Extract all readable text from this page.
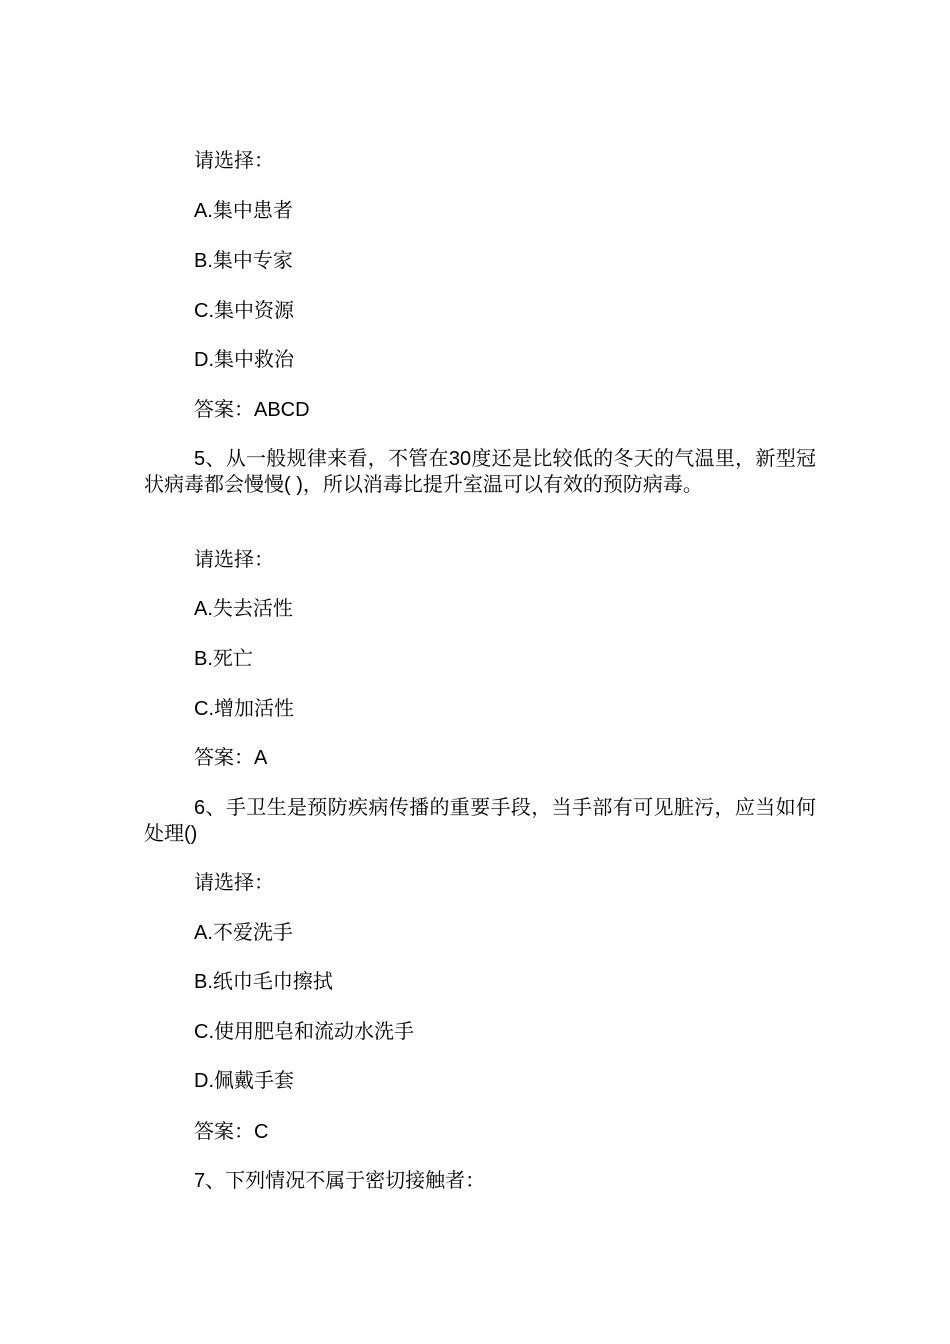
请选择：
A.集中患者
B.集中专家
C.集中资源
D.集中救治
答案：ABCD
5、从一般规律来看，不管在30度还是比较低的冬天的气温里，新型冠状病毒都会慢慢( )，所以消毒比提升室温可以有效的预防病毒。
请选择：
A.失去活性
B.死亡
C.增加活性
答案：A
6、手卫生是预防疾病传播的重要手段，当手部有可见脏污，应当如何处理()
请选择：
A.不爱洗手
B.纸巾毛巾擦拭
C.使用肥皂和流动水洗手
D.佩戴手套
答案：C
7、下列情况不属于密切接触者：
